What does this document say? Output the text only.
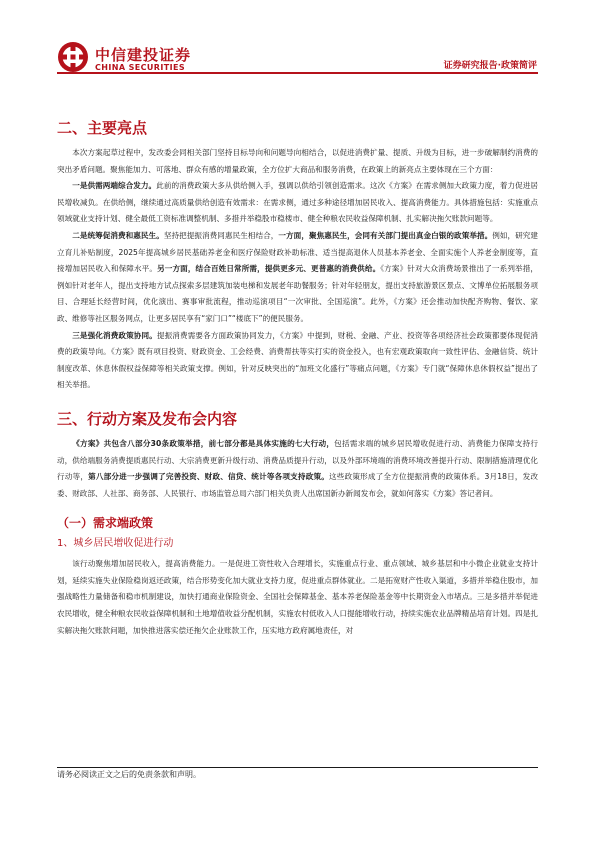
中信建投证券
CHINA SECURITIES	证券研究报告·政策简评
二、主要亮点

本次方案起草过程中，发改委会同相关部门坚持目标导向和问题导向相结合，以促进消费扩量、提质、升级为目标，进一步破解制约消费的突出矛盾问题。聚焦能加力、可落地、群众有感的增量政策，全方位扩大商品和服务消费，在政策上的新亮点主要体现在三个方面：

一是供需两端综合发力。此前的消费政策大多从供给侧入手，强调以供给引领创造需求。这次《方案》在需求侧加大政策力度，着力促进居民增收减负。在供给侧，继续通过高质量供给创造有效需求：在需求侧，通过多种途径增加居民收入、提高消费能力。具体措施包括：实施重点领域就业支持计划、健全最低工资标准调整机制、多措并举稳股市稳楼市、健全种粮农民收益保障机制、扎实解决拖欠账款问题等。

二是统筹促消费和惠民生。坚持把提振消费同惠民生相结合，一方面，聚焦惠民生，会同有关部门提出真金白银的政策举措。例如，研究建立育儿补贴制度，2025年提高城乡居民基础养老金和医疗保险财政补助标准、适当提高退休人员基本养老金、全面实施个人养老金制度等，直接增加居民收入和保障水平。另一方面，结合百姓日常所需，提供更多元、更普惠的消费供给。《方案》针对大众消费场景推出了一系列举措，例如针对老年人，提出支持地方试点探索多层建筑加装电梯和发展老年助餐服务；针对年轻朋友，提出支持旅游景区景点、文博单位拓展服务项目、合理延长经营时间，优化演出、赛事审批流程，推动巡演项目“一次审批、全国巡演”。此外，《方案》还会推动加快配齐购物、餐饮、家政、维修等社区服务网点，让更多居民享有“家门口”“楼底下”的便民服务。

三是强化消费政策协同。提振消费需要各方面政策协同发力，《方案》中提到，财税、金融、产业、投资等各项经济社会政策都要体现促消费的政策导向。《方案》既有项目投资、财政资金、工会经费、消费帮扶等实打实的资金投入，也有宏观政策取向一致性评估、金融信贷、统计制度改革、休息休假权益保障等相关政策支撑。例如，针对反映突出的“加班文化盛行”等痛点问题，《方案》专门就“保障休息休假权益”提出了相关举措。

三、行动方案及发布会内容

《方案》共包含八部分30条政策举措，前七部分都是具体实施的七大行动，包括需求端的城乡居民增收促进行动、消费能力保障支持行动，供给端服务消费提质惠民行动、大宗消费更新升级行动、消费品质提升行动，以及外部环境端的消费环境改善提升行动、限制措施清理优化行动等，第八部分进一步强调了完善投资、财政、信贷、统计等各项支持政策。这些政策形成了全方位提振消费的政策体系。3月18日，发改委、财政部、人社部、商务部、人民银行、市场监管总局六部门相关负责人出席国新办新闻发布会，就如何落实《方案》答记者问。

（一）需求端政策
1、城乡居民增收促进行动

该行动聚焦增加居民收入，提高消费能力。一是促进工资性收入合理增长，实施重点行业、重点领域、城乡基层和中小微企业就业支持计划，延续实施失业保险稳岗返还政策，结合形势变化加大就业支持力度，促进重点群体就业。二是拓宽财产性收入渠道，多措并举稳住股市，加强战略性力量储备和稳市机制建设，加快打通商业保险资金、全国社会保障基金、基本养老保险基金等中长期资金入市堵点。三是多措并举促进农民增收，健全种粮农民收益保障机制和土地增值收益分配机制，实施农村低收入人口提能增收行动，持续实施农业品牌精品培育计划。四是扎实解决拖欠账款问题，加快推进落实偿还拖欠企业账款工作，压实地方政府属地责任，对

请务必阅读正文之后的免责条款和声明。
